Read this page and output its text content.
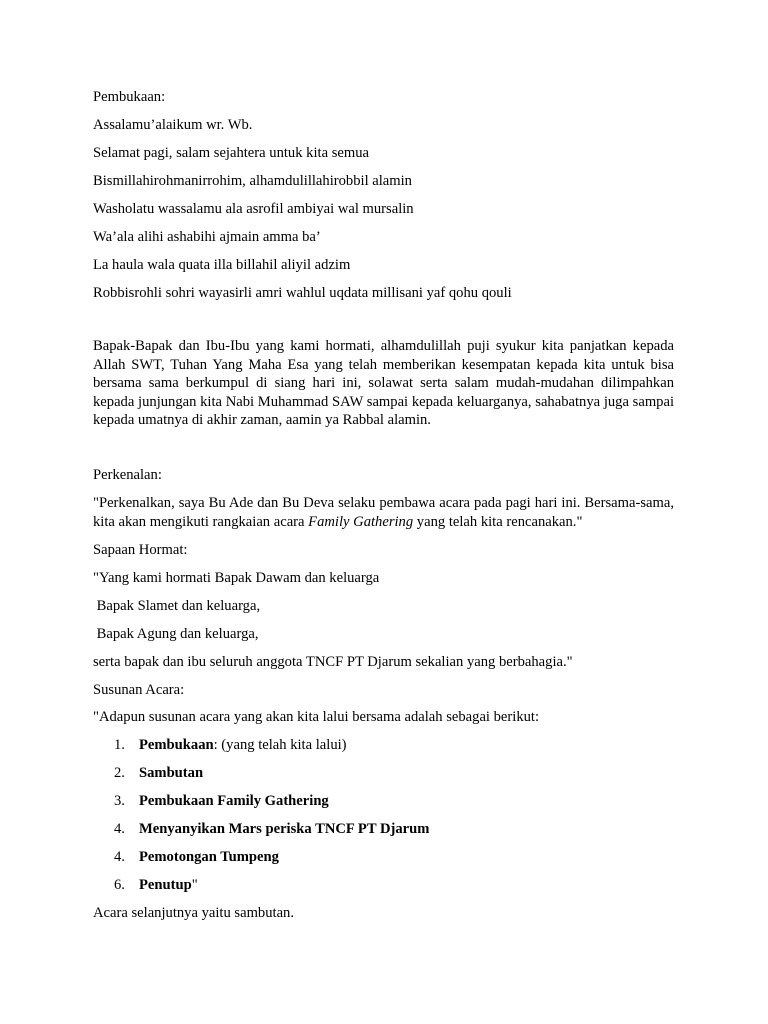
Pembukaan:
Assalamu’alaikum wr. Wb.
Selamat pagi, salam sejahtera untuk kita semua
Bismillahirohmanirrohim, alhamdulillahirobbil alamin
Washolatu wassalamu ala asrofil ambiyai wal mursalin
Wa’ala alihi ashabihi ajmain amma ba’
La haula wala quata illa billahil aliyil adzim
Robbisrohli sohri wayasirli amri wahlul uqdata millisani yaf qohu qouli
Bapak-Bapak dan Ibu-Ibu yang kami hormati, alhamdulillah puji syukur kita panjatkan kepada Allah SWT, Tuhan Yang Maha Esa yang telah memberikan kesempatan kepada kita untuk bisa bersama sama berkumpul di siang hari ini, solawat serta salam mudah-mudahan dilimpahkan kepada junjungan kita Nabi Muhammad SAW sampai kepada keluarganya, sahabatnya juga sampai kepada umatnya di akhir zaman, aamin ya Rabbal alamin.
Perkenalan:
"Perkenalkan, saya Bu Ade dan Bu Deva selaku pembawa acara pada pagi hari ini. Bersama-sama, kita akan mengikuti rangkaian acara Family Gathering yang telah kita rencanakan."
Sapaan Hormat:
"Yang kami hormati Bapak Dawam dan keluarga
Bapak Slamet dan keluarga,
Bapak Agung dan keluarga,
serta bapak dan ibu seluruh anggota TNCF PT Djarum sekalian yang berbahagia."
Susunan Acara:
"Adapun susunan acara yang akan kita lalui bersama adalah sebagai berikut:
1. Pembukaan: (yang telah kita lalui)
2. Sambutan
3. Pembukaan Family Gathering
4. Menyanyikan Mars periska TNCF PT Djarum
4. Pemotongan Tumpeng
6. Penutup"
Acara selanjutnya yaitu sambutan.
